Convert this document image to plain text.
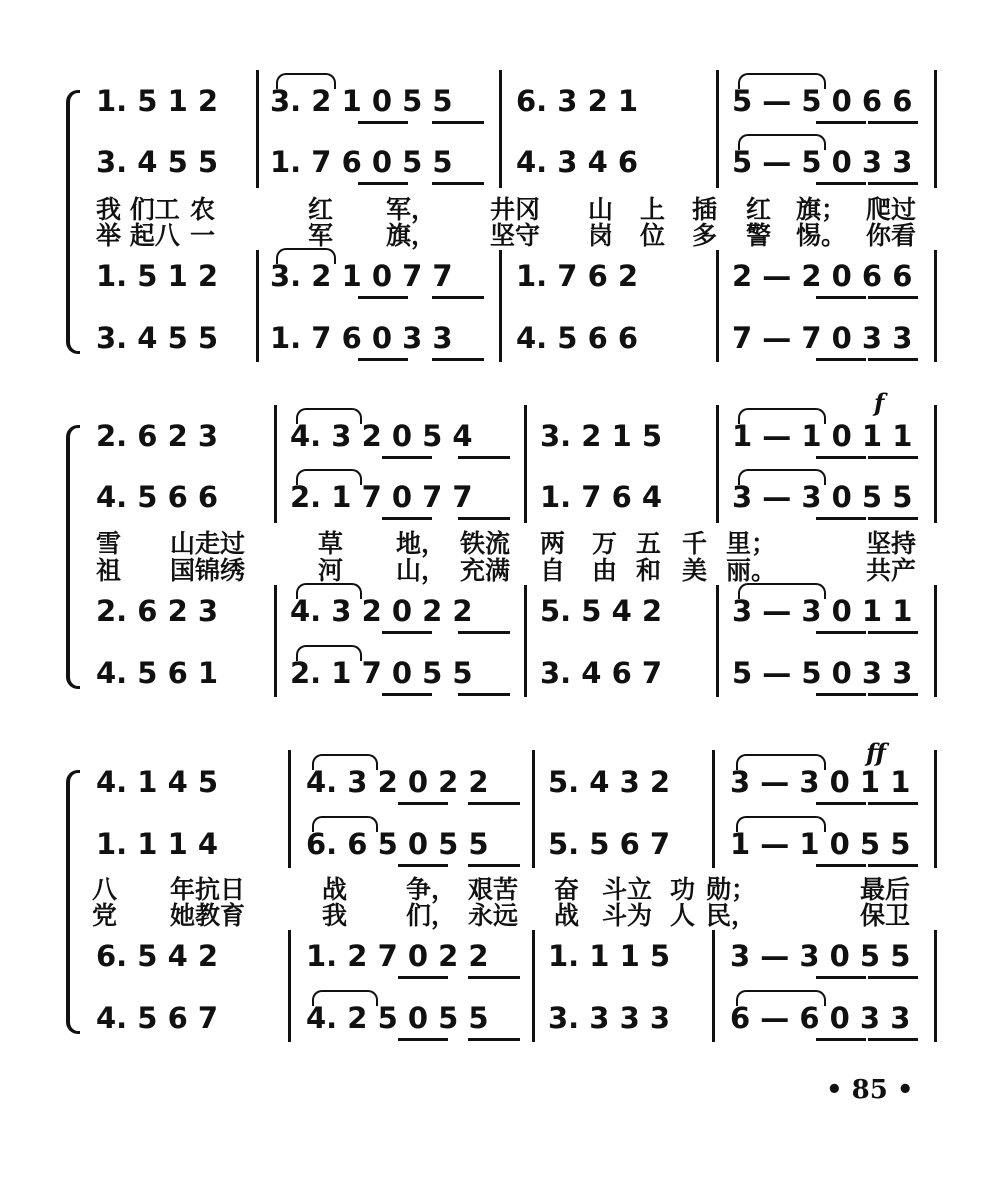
1. 5 1 2 3. 2 1 0 5 5 6. 3 2 1	5 — 5 0 6 6
3. 4 5 5 1. 7 6 0 5 5 4. 3 4 6	5 — 5 0 3 3
我 们工 农	红 军， 井冈 山 上 插 红 旗； 爬过
举 起八 一	军 旗， 坚守 岗 位 多 警 惕。 你看
1. 5 1 2 3. 2 1 0 7 7 1. 7 6 2	2 — 2 0 6 6
3. 4 5 5 1. 7 6 0 3 3 4. 5 6 6	7 — 7 0 3 3
f
2. 6 2 3 4. 3 2 0 5 4 3. 2 1 5 1 — 1 0 1 1
4. 5 6 6 2. 1 7 0 7 7 1. 7 6 4 3 — 3 0 5 5
雪 山走过	草 地， 铁流 两 万 五 千 里；	坚持
祖 国锦绣	河 山， 充满 自 由 和 美 丽。	共产
2. 6 2 3 4. 3 2 0 2 2 5. 5 4 2 3 — 3 0 1 1
4. 5 6 1 2. 1 7 0 5 5 3. 4 6 7 5 — 5 0 3 3
ff
4. 1 4 5	4. 3 2 0 2 2 5. 4 3 2 3 — 3 0 1 1
1. 1 1 4	6. 6 5 0 5 5 5. 5 6 7 1 — 1 0 5 5
八 年抗日	战 争， 艰苦 奋 斗立 功 勋；	最后
党 她教育	我 们， 永远 战 斗为 人 民，	保卫
6. 5 4 2	1. 2 7 0 2 2 1. 1 1 5 3 — 3 0 5 5
4. 5 6 7	4. 2 5 0 5 5 3. 3 3 3 6 — 6 0 3 3
• 85 •
